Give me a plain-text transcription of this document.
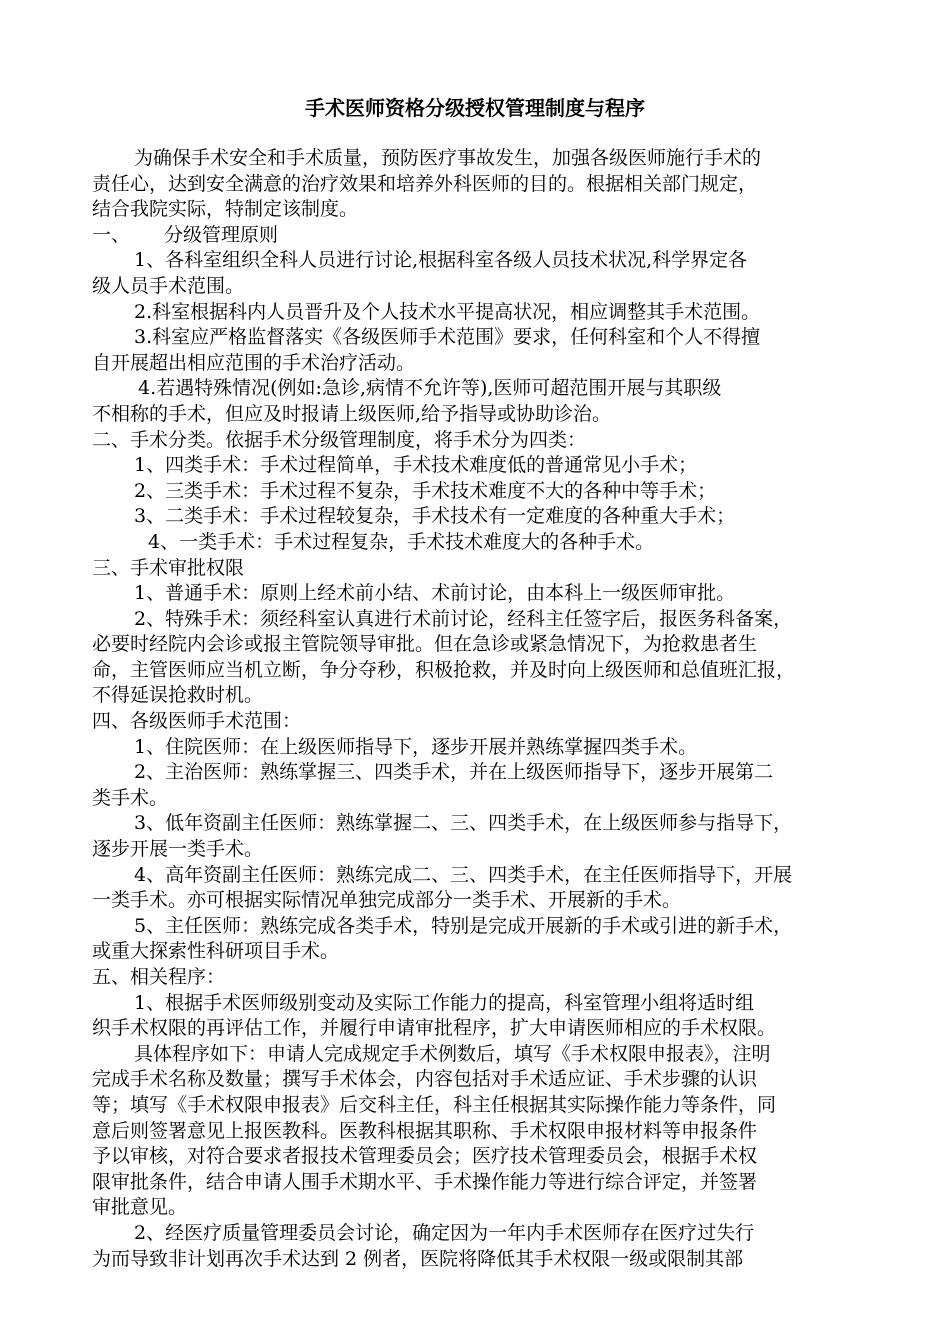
手术医师资格分级授权管理制度与程序
为确保手术安全和手术质量，预防医疗事故发生，加强各级医师施行手术的
责任心，达到安全满意的治疗效果和培养外科医师的目的。根据相关部门规定，
结合我院实际，特制定该制度。
一、 分级管理原则
1、各科室组织全科人员进行讨论,根据科室各级人员技术状况,科学界定各
级人员手术范围。
2.科室根据科内人员晋升及个人技术水平提高状况，相应调整其手术范围。
3.科室应严格监督落实《各级医师手术范围》要求，任何科室和个人不得擅
自开展超出相应范围的手术治疗活动。
4.若遇特殊情况(例如:急诊,病情不允许等),医师可超范围开展与其职级
不相称的手术，但应及时报请上级医师,给予指导或协助诊治。
二、手术分类。依据手术分级管理制度，将手术分为四类：
1、四类手术：手术过程简单，手术技术难度低的普通常见小手术；
2、三类手术：手术过程不复杂，手术技术难度不大的各种中等手术；
3、二类手术：手术过程较复杂，手术技术有一定难度的各种重大手术；
4、一类手术：手术过程复杂，手术技术难度大的各种手术。
三、手术审批权限
1、普通手术：原则上经术前小结、术前讨论，由本科上一级医师审批。
2、特殊手术：须经科室认真进行术前讨论，经科主任签字后，报医务科备案，
必要时经院内会诊或报主管院领导审批。但在急诊或紧急情况下，为抢救患者生
命，主管医师应当机立断，争分夺秒，积极抢救，并及时向上级医师和总值班汇报，
不得延误抢救时机。
四、各级医师手术范围：
1、住院医师：在上级医师指导下，逐步开展并熟练掌握四类手术。
2、主治医师：熟练掌握三、四类手术，并在上级医师指导下，逐步开展第二
类手术。
3、低年资副主任医师：熟练掌握二、三、四类手术，在上级医师参与指导下，
逐步开展一类手术。
4、高年资副主任医师：熟练完成二、三、四类手术，在主任医师指导下，开展
一类手术。亦可根据实际情况单独完成部分一类手术、开展新的手术。
5、主任医师：熟练完成各类手术，特别是完成开展新的手术或引进的新手术，
或重大探索性科研项目手术。
五、相关程序：
1、根据手术医师级别变动及实际工作能力的提高，科室管理小组将适时组
织手术权限的再评估工作，并履行申请审批程序，扩大申请医师相应的手术权限。
具体程序如下：申请人完成规定手术例数后，填写《手术权限申报表》，注明
完成手术名称及数量；撰写手术体会，内容包括对手术适应证、手术步骤的认识
等；填写《手术权限申报表》后交科主任，科主任根据其实际操作能力等条件，同
意后则签署意见上报医教科。医教科根据其职称、手术权限申报材料等申报条件
予以审核，对符合要求者报技术管理委员会；医疗技术管理委员会，根据手术权
限审批条件，结合申请人围手术期水平、手术操作能力等进行综合评定，并签署
审批意见。
2、经医疗质量管理委员会讨论，确定因为一年内手术医师存在医疗过失行
为而导致非计划再次手术达到 2 例者，医院将降低其手术权限一级或限制其部
